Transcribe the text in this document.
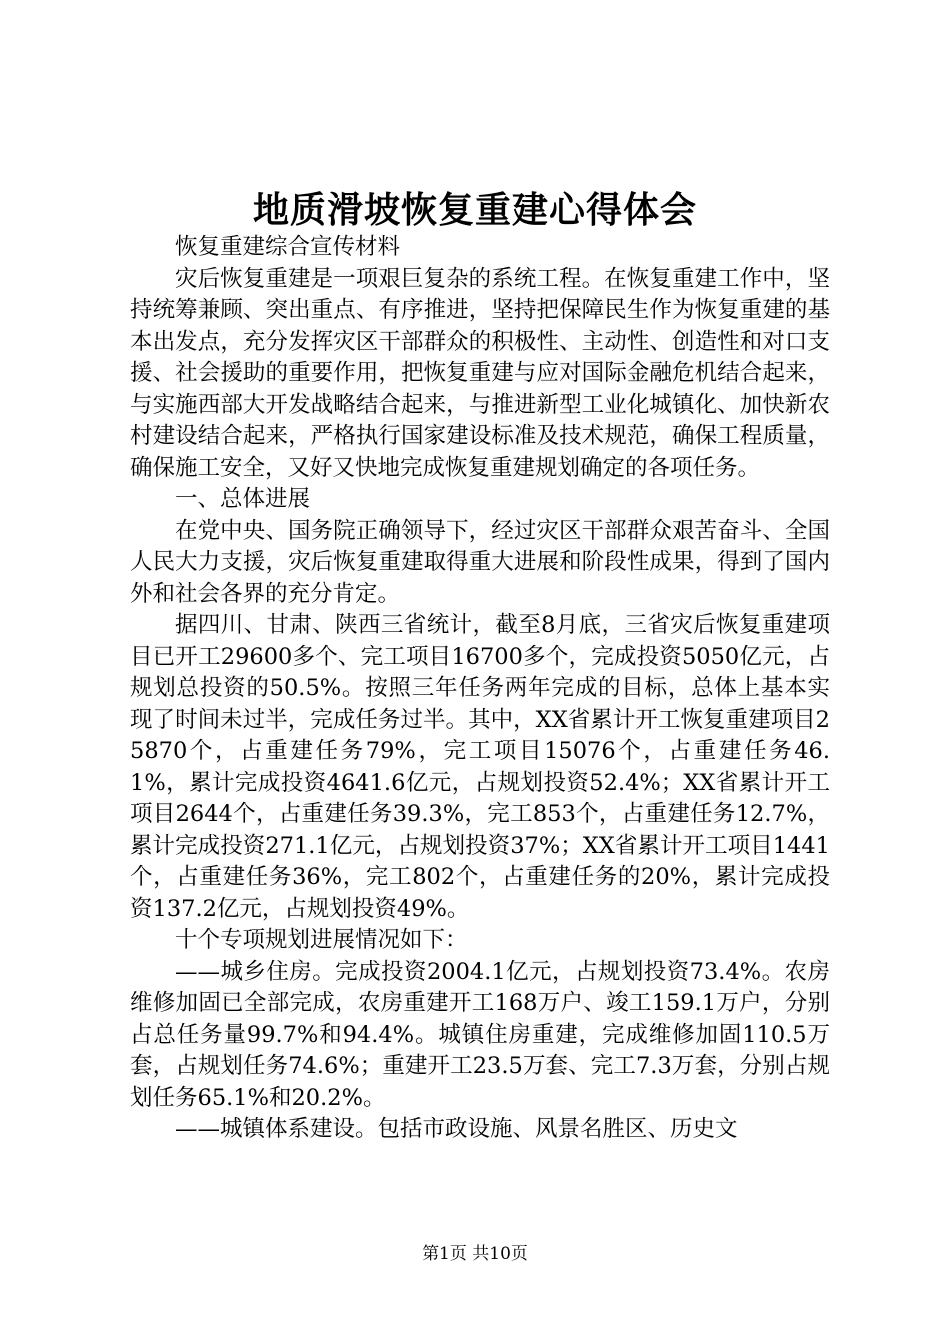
地质滑坡恢复重建心得体会

恢复重建综合宣传材料

灾后恢复重建是一项艰巨复杂的系统工程。在恢复重建工作中，坚持统筹兼顾、突出重点、有序推进，坚持把保障民生作为恢复重建的基本出发点，充分发挥灾区干部群众的积极性、主动性、创造性和对口支援、社会援助的重要作用，把恢复重建与应对国际金融危机结合起来，与实施西部大开发战略结合起来，与推进新型工业化城镇化、加快新农村建设结合起来，严格执行国家建设标准及技术规范，确保工程质量，确保施工安全，又好又快地完成恢复重建规划确定的各项任务。

一、总体进展

在党中央、国务院正确领导下，经过灾区干部群众艰苦奋斗、全国人民大力支援，灾后恢复重建取得重大进展和阶段性成果，得到了国内外和社会各界的充分肯定。

据四川、甘肃、陕西三省统计，截至8月底，三省灾后恢复重建项目已开工29600多个、完工项目16700多个，完成投资5050亿元，占规划总投资的50.5%。按照三年任务两年完成的目标，总体上基本实现了时间未过半，完成任务过半。其中，XX省累计开工恢复重建项目25870个，占重建任务79%，完工项目15076个，占重建任务46.1%，累计完成投资4641.6亿元，占规划投资52.4%；XX省累计开工项目2644个，占重建任务39.3%，完工853个，占重建任务12.7%，累计完成投资271.1亿元，占规划投资37%；XX省累计开工项目1441个，占重建任务36%，完工802个，占重建任务的20%，累计完成投资137.2亿元，占规划投资49%。

十个专项规划进展情况如下：

——城乡住房。完成投资2004.1亿元，占规划投资73.4%。农房维修加固已全部完成，农房重建开工168万户、竣工159.1万户，分别占总任务量99.7%和94.4%。城镇住房重建，完成维修加固110.5万套，占规划任务74.6%；重建开工23.5万套、完工7.3万套，分别占规划任务65.1%和20.2%。

——城镇体系建设。包括市政设施、风景名胜区、历史文

第1页 共10页
